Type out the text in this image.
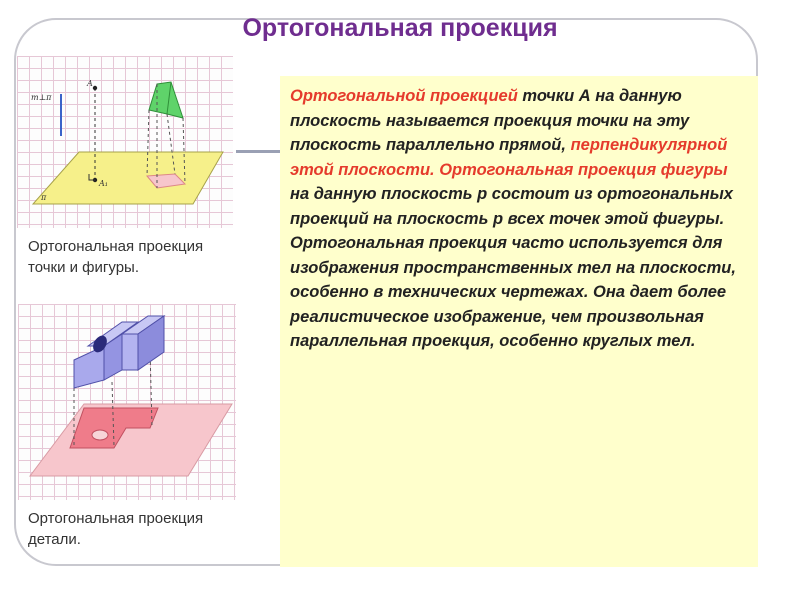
Ортогональная проекция
m⊥π
A
A₁
π
Ортогональная проекция
точки и фигуры.
Ортогональная проекция
детали.

Ортогональной проекцией точки А на данную плоскость называется проекция точки на эту плоскость параллельно прямой, перпендикулярной этой плоскости. Ортогональная проекция фигуры на данную плоскость р состоит из ортогональных проекций на плоскость р всех точек этой фигуры.

Ортогональная проекция часто используется для изображения пространственных тел на плоскости, особенно в технических чертежах. Она дает более реалистическое изображение, чем произвольная параллельная проекция, особенно круглых тел.
